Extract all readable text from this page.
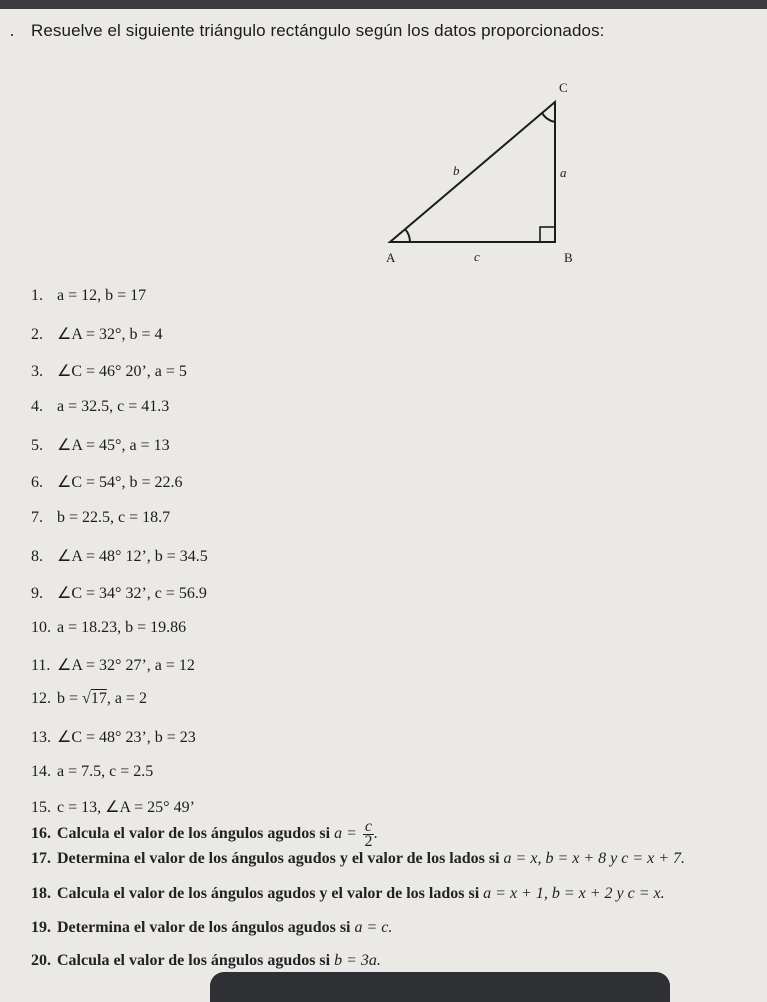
· Resuelve el siguiente triángulo rectángulo según los datos proporcionados:
C
A	B
b	a
c
1. a = 12, b = 17
2. ∠A = 32°, b = 4
3. ∠C = 46° 20’, a = 5
4. a = 32.5, c = 41.3
5. ∠A = 45°, a = 13
6. ∠C = 54°, b = 22.6
7. b = 22.5, c = 18.7
8. ∠A = 48° 12’, b = 34.5
9. ∠C = 34° 32’, c = 56.9
10. a = 18.23, b = 19.86
11. ∠A = 32° 27’, a = 12
12. b = √17, a = 2
13. ∠C = 48° 23’, b = 23
14. a = 7.5, c = 2.5
15. c = 13, ∠A = 25° 49’
16. Calcula el valor de los ángulos agudos si $a = \frac{c}{2}$ .
17. Determina el valor de los ángulos agudos y el valor de los lados si a = x, b = x + 8 y c = x + 7.
18. Calcula el valor de los ángulos agudos y el valor de los lados si a = x + 1, b = x + 2 y c = x.
19. Determina el valor de los ángulos agudos si a = c.
20. Calcula el valor de los ángulos agudos si b = 3a.
